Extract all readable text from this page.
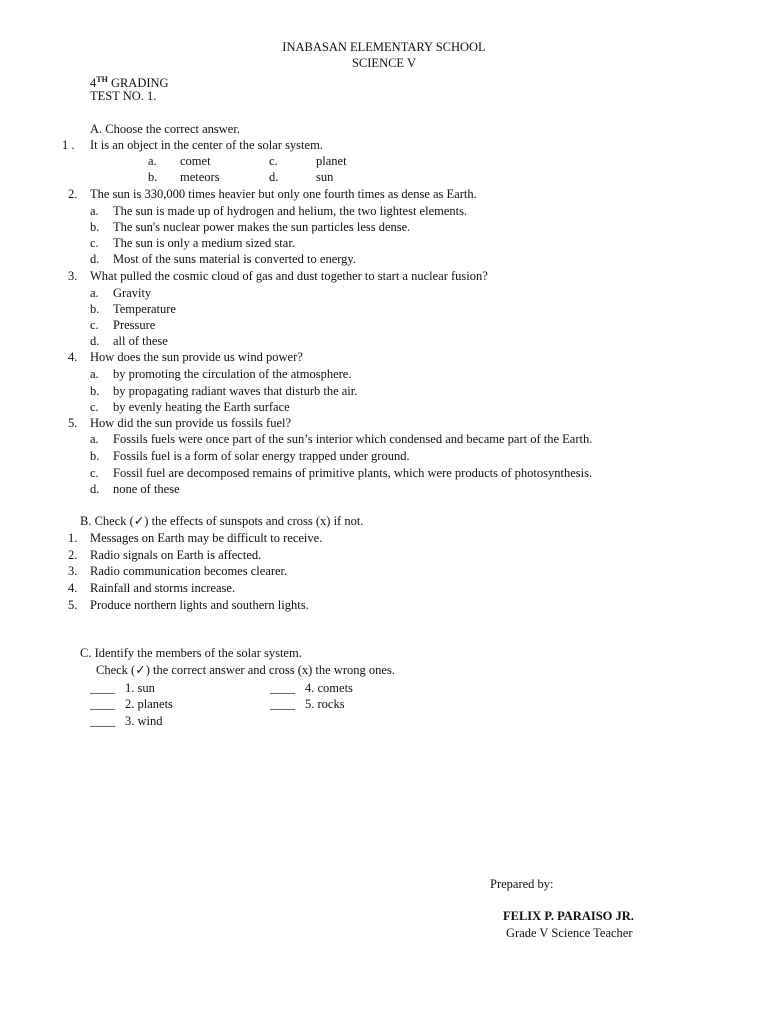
INABASAN ELEMENTARY SCHOOL
SCIENCE V
4TH GRADING
TEST NO. 1.
A. Choose the correct answer.
1 . It is an object in the center of the solar system.
a. comet	c.	planet
b. meteors	d.	sun
2. The sun is 330,000 times heavier but only one fourth times as dense as Earth.
a. The sun is made up of hydrogen and helium, the two lightest elements.
b. The sun's nuclear power makes the sun particles less dense.
c. The sun is only a medium sized star.
d. Most of the suns material is converted to energy.
3. What pulled the cosmic cloud of gas and dust together to start a nuclear fusion?
a. Gravity
b. Temperature
c. Pressure
d. all of these
4. How does the sun provide us wind power?
a. by promoting the circulation of the atmosphere.
b. by propagating radiant waves that disturb the air.
c. by evenly heating the Earth surface
5. How did the sun provide us fossils fuel?
a. Fossils fuels were once part of the sun’s interior which condensed and became part of the Earth.
b. Fossils fuel is a form of solar energy trapped under ground.
c. Fossil fuel are decomposed remains of primitive plants, which were products of photosynthesis.
d. none of these
B. Check (✓) the effects of sunspots and cross (x) if not.
1. Messages on Earth may be difficult to receive.
2. Radio signals on Earth is affected.
3. Radio communication becomes clearer.
4. Rainfall and storms increase.
5. Produce northern lights and southern lights.
C. Identify the members of the solar system.
Check (✓) the correct answer and cross (x) the wrong ones.
____ 1. sun	____ 4. comets
____ 2. planets	____ 5. rocks
____ 3. wind
Prepared by:
FELIX P. PARAISO JR.
Grade V Science Teacher
